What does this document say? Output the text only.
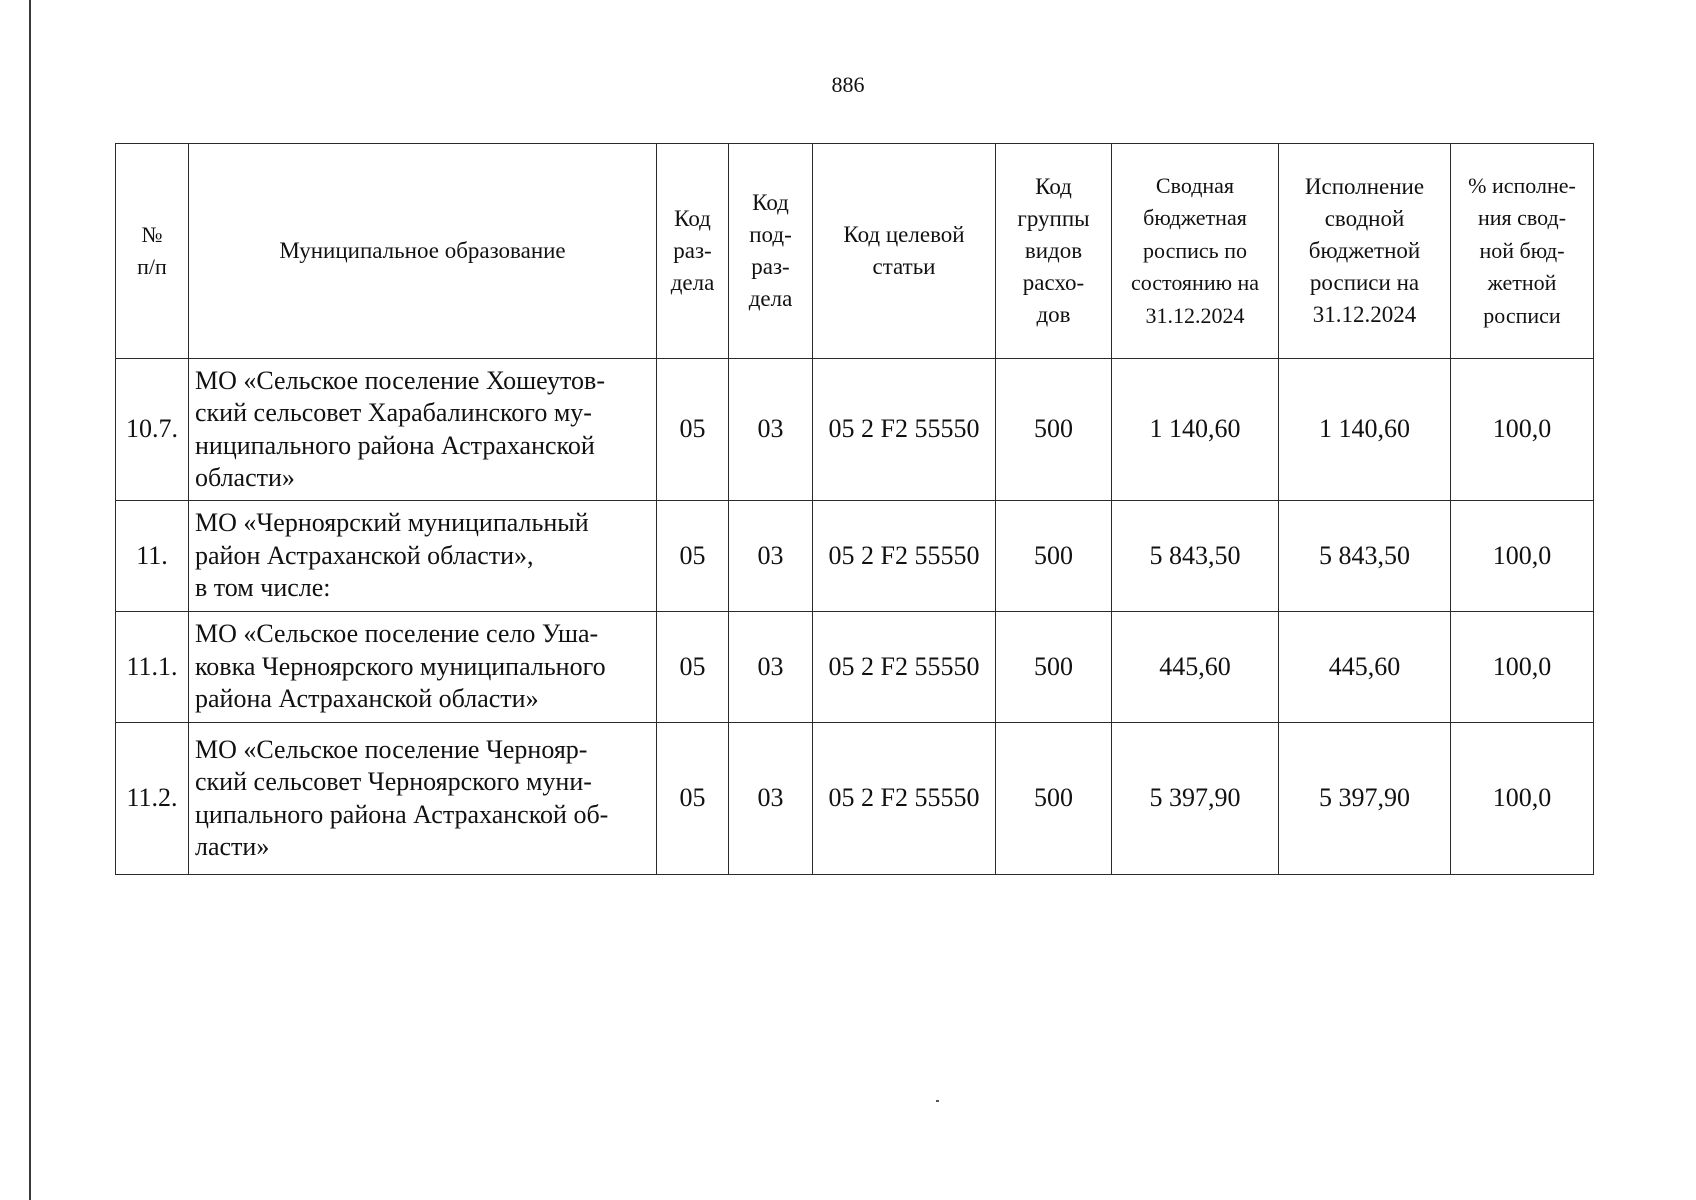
886
№ п/п	Муниципальное образование	Код раз- дела	Код под- раз- дела	Код целевой статьи	Код группы видов расхо- дов	Сводная бюджетная роспись по состоянию на 31.12.2024	Исполнение сводной бюджетной росписи на 31.12.2024	% исполне- ния свод- ной бюд- жетной росписи

10.7.	МО «Сельское поселение Хошеутов-
ский сельсовет Харабалинского му-
ниципального района Астраханской
области»	05	03	05 2 F2 55550	500	1 140,60	1 140,60	100,0
11.	МО «Черноярский муниципальный
район Астраханской области»,
в том числе:	05	03	05 2 F2 55550	500	5 843,50	5 843,50	100,0
11.1.	МО «Сельское поселение село Уша-
ковка Черноярского муниципального
района Астраханской области»	05	03	05 2 F2 55550	500	445,60	445,60	100,0
11.2.	МО «Сельское поселение Чернояр-
ский сельсовет Черноярского муни-
ципального района Астраханской об-
ласти»	05	03	05 2 F2 55550	500	5 397,90	5 397,90	100,0
